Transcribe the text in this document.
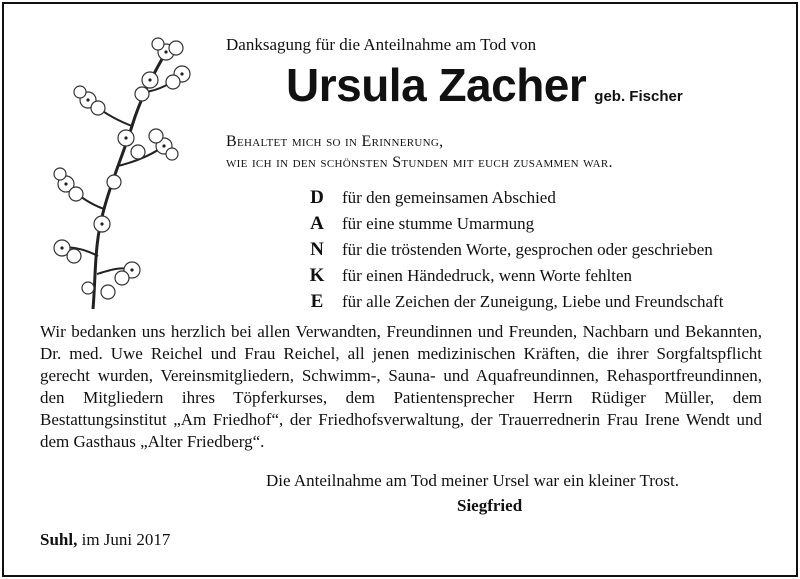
Danksagung für die Anteilnahme am Tod von
Ursula Zacher geb. Fischer
Behaltet mich so in Erinnerung,
wie ich in den schönsten Stunden mit euch zusammen war.
D	für den gemeinsamen Abschied
A	für eine stumme Umarmung
N	für die tröstenden Worte, gesprochen oder geschrieben
K für einen Händedruck, wenn Worte fehlten
E	für alle Zeichen der Zuneigung, Liebe und Freundschaft
Wir bedanken uns herzlich bei allen Verwandten, Freundinnen und Freunden, Nachbarn und Bekannten, Dr. med. Uwe Reichel und Frau Reichel, all jenen medizinischen Kräften, die ihrer Sorgfaltspflicht gerecht wurden, Vereinsmitgliedern, Schwimm-, Sauna- und Aquafreundinnen, Rehasportfreundinnen, den Mitgliedern ihres Töpferkurses, dem Patientensprecher Herrn Rüdiger Müller, dem Bestattungsinstitut „Am Friedhof“, der Friedhofsverwaltung, der Trauerrednerin Frau Irene Wendt und dem Gasthaus „Alter Friedberg“.
Die Anteilnahme am Tod meiner Ursel war ein kleiner Trost.
Siegfried
Suhl, im Juni 2017
